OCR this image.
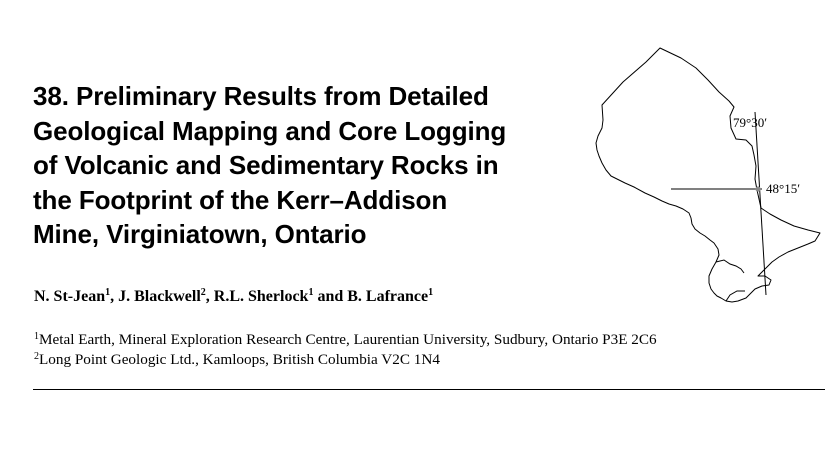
38. Preliminary Results from Detailed
Geological Mapping and Core Logging
of Volcanic and Sedimentary Rocks in
the Footprint of the Kerr–Addison
Mine, Virginiatown, Ontario

N. St-Jean$^1$, J. Blackwell$^2$, R.L. Sherlock$^1$ and B. Lafrance$^1$

$^1$Metal Earth, Mineral Exploration Research Centre, Laurentian University, Sudbury, Ontario P3E 2C6

$^2$Long Point Geologic Ltd., Kamloops, British Columbia V2C 1N4

79°30′
48°15′
